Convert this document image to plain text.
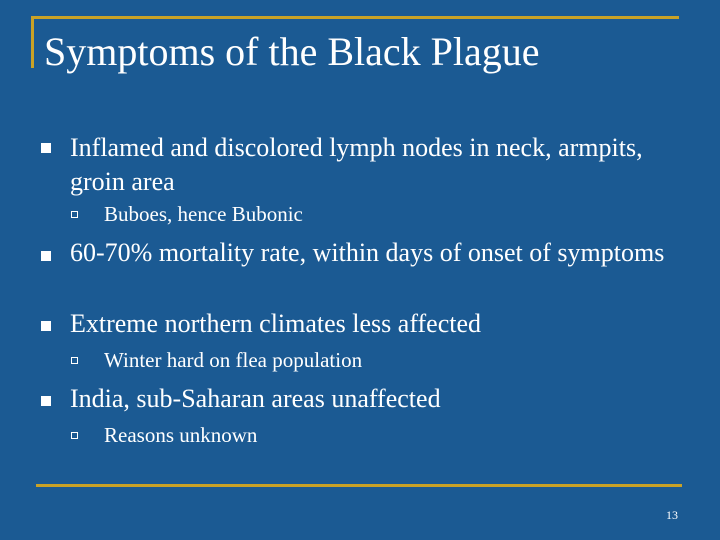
Symptoms of the Black Plague
Inflamed and discolored lymph nodes in neck, armpits, groin area
Buboes, hence Bubonic
60-70% mortality rate, within days of onset of symptoms
Extreme northern climates less affected
Winter hard on flea population
India, sub-Saharan areas unaffected
Reasons unknown
13
